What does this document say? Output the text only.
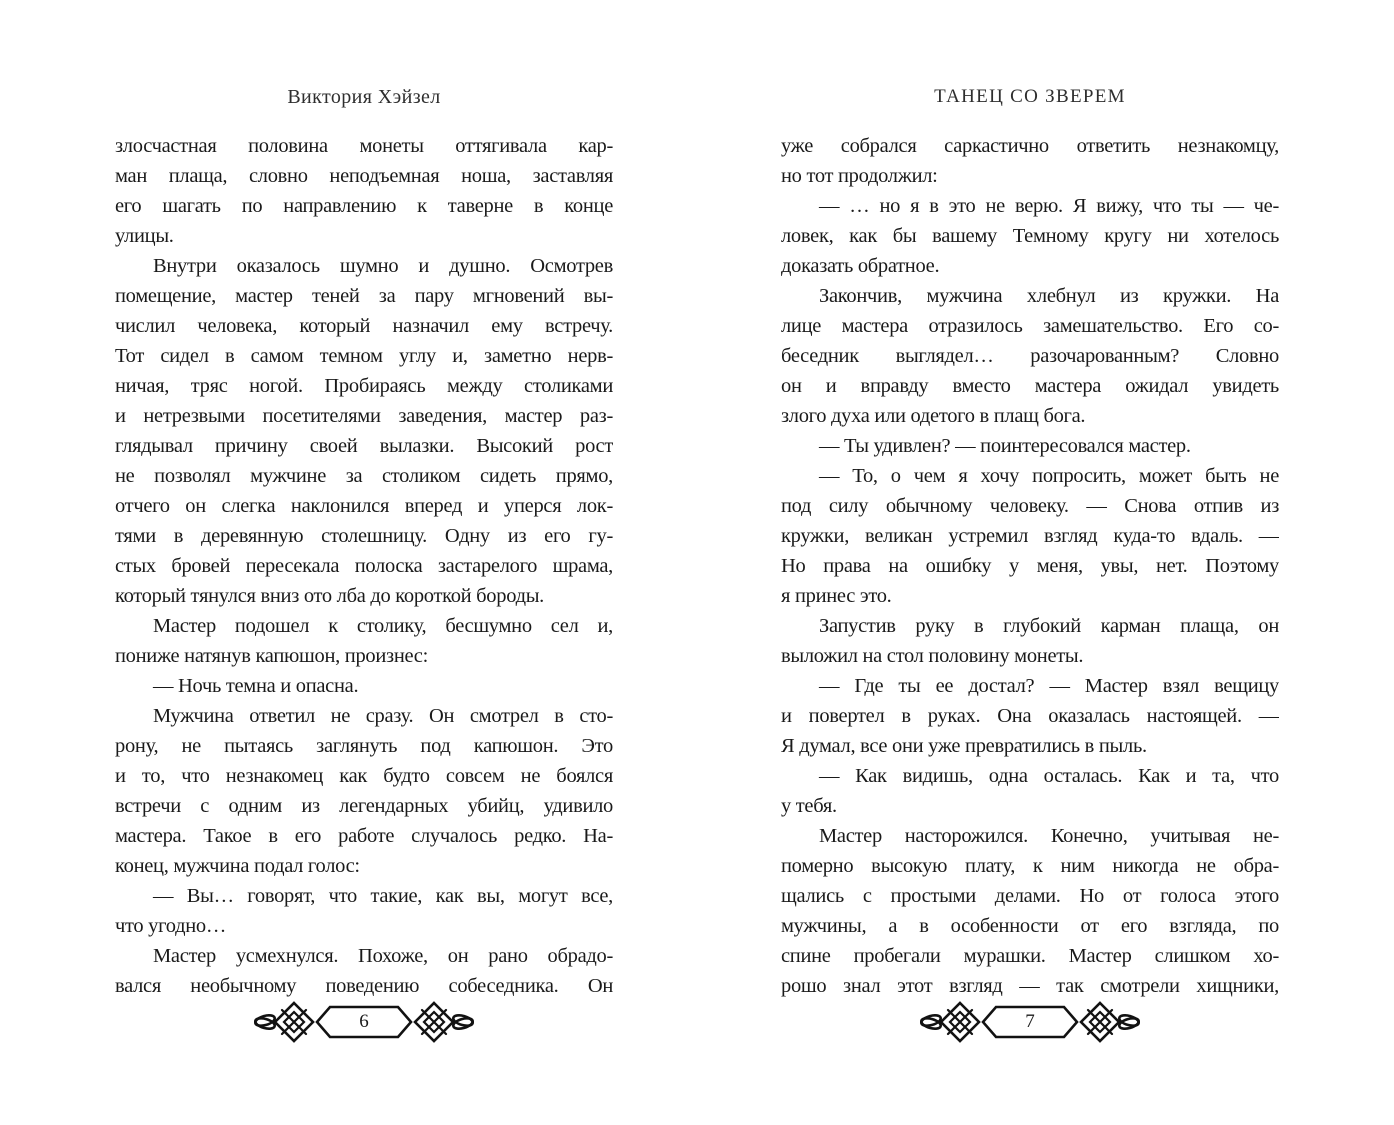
Виктория Хэйзел
злосчастная половина монеты оттягивала кар-
ман плаща, словно неподъемная ноша, заставляя
его шагать по направлению к таверне в конце
улицы.
Внутри оказалось шумно и душно. Осмотрев
помещение, мастер теней за пару мгновений вы-
числил человека, который назначил ему встречу.
Тот сидел в самом темном углу и, заметно нерв-
ничая, тряс ногой. Пробираясь между столиками
и нетрезвыми посетителями заведения, мастер раз-
глядывал причину своей вылазки. Высокий рост
не позволял мужчине за столиком сидеть прямо,
отчего он слегка наклонился вперед и уперся лок-
тями в деревянную столешницу. Одну из его гу-
стых бровей пересекала полоска застарелого шрама,
который тянулся вниз ото лба до короткой бороды.
Мастер подошел к столику, бесшумно сел и,
пониже натянув капюшон, произнес:
— Ночь темна и опасна.
Мужчина ответил не сразу. Он смотрел в сто-
рону, не пытаясь заглянуть под капюшон. Это
и то, что незнакомец как будто совсем не боялся
встречи с одним из легендарных убийц, удивило
мастера. Такое в его работе случалось редко. На-
конец, мужчина подал голос:
— Вы… говорят, что такие, как вы, могут все,
что угодно…
Мастер усмехнулся. Похоже, он рано обрадо-
вался необычному поведению собеседника. Он
6
ТАНЕЦ СО ЗВЕРЕМ
уже собрался саркастично ответить незнакомцу,
но тот продолжил:
— … но я в это не верю. Я вижу, что ты — че-
ловек, как бы вашему Темному кругу ни хотелось
доказать обратное.
Закончив, мужчина хлебнул из кружки. На
лице мастера отразилось замешательство. Его со-
беседник выглядел… разочарованным? Словно
он и вправду вместо мастера ожидал увидеть
злого духа или одетого в плащ бога.
— Ты удивлен? — поинтересовался мастер.
— То, о чем я хочу попросить, может быть не
под силу обычному человеку. — Снова отпив из
кружки, великан устремил взгляд куда-то вдаль. —
Но права на ошибку у меня, увы, нет. Поэтому
я принес это.
Запустив руку в глубокий карман плаща, он
выложил на стол половину монеты.
— Где ты ее достал? — Мастер взял вещицу
и повертел в руках. Она оказалась настоящей. —
Я думал, все они уже превратились в пыль.
— Как видишь, одна осталась. Как и та, что
у тебя.
Мастер насторожился. Конечно, учитывая не-
померно высокую плату, к ним никогда не обра-
щались с простыми делами. Но от голоса этого
мужчины, а в особенности от его взгляда, по
спине пробегали мурашки. Мастер слишком хо-
рошо знал этот взгляд — так смотрели хищники,
7
